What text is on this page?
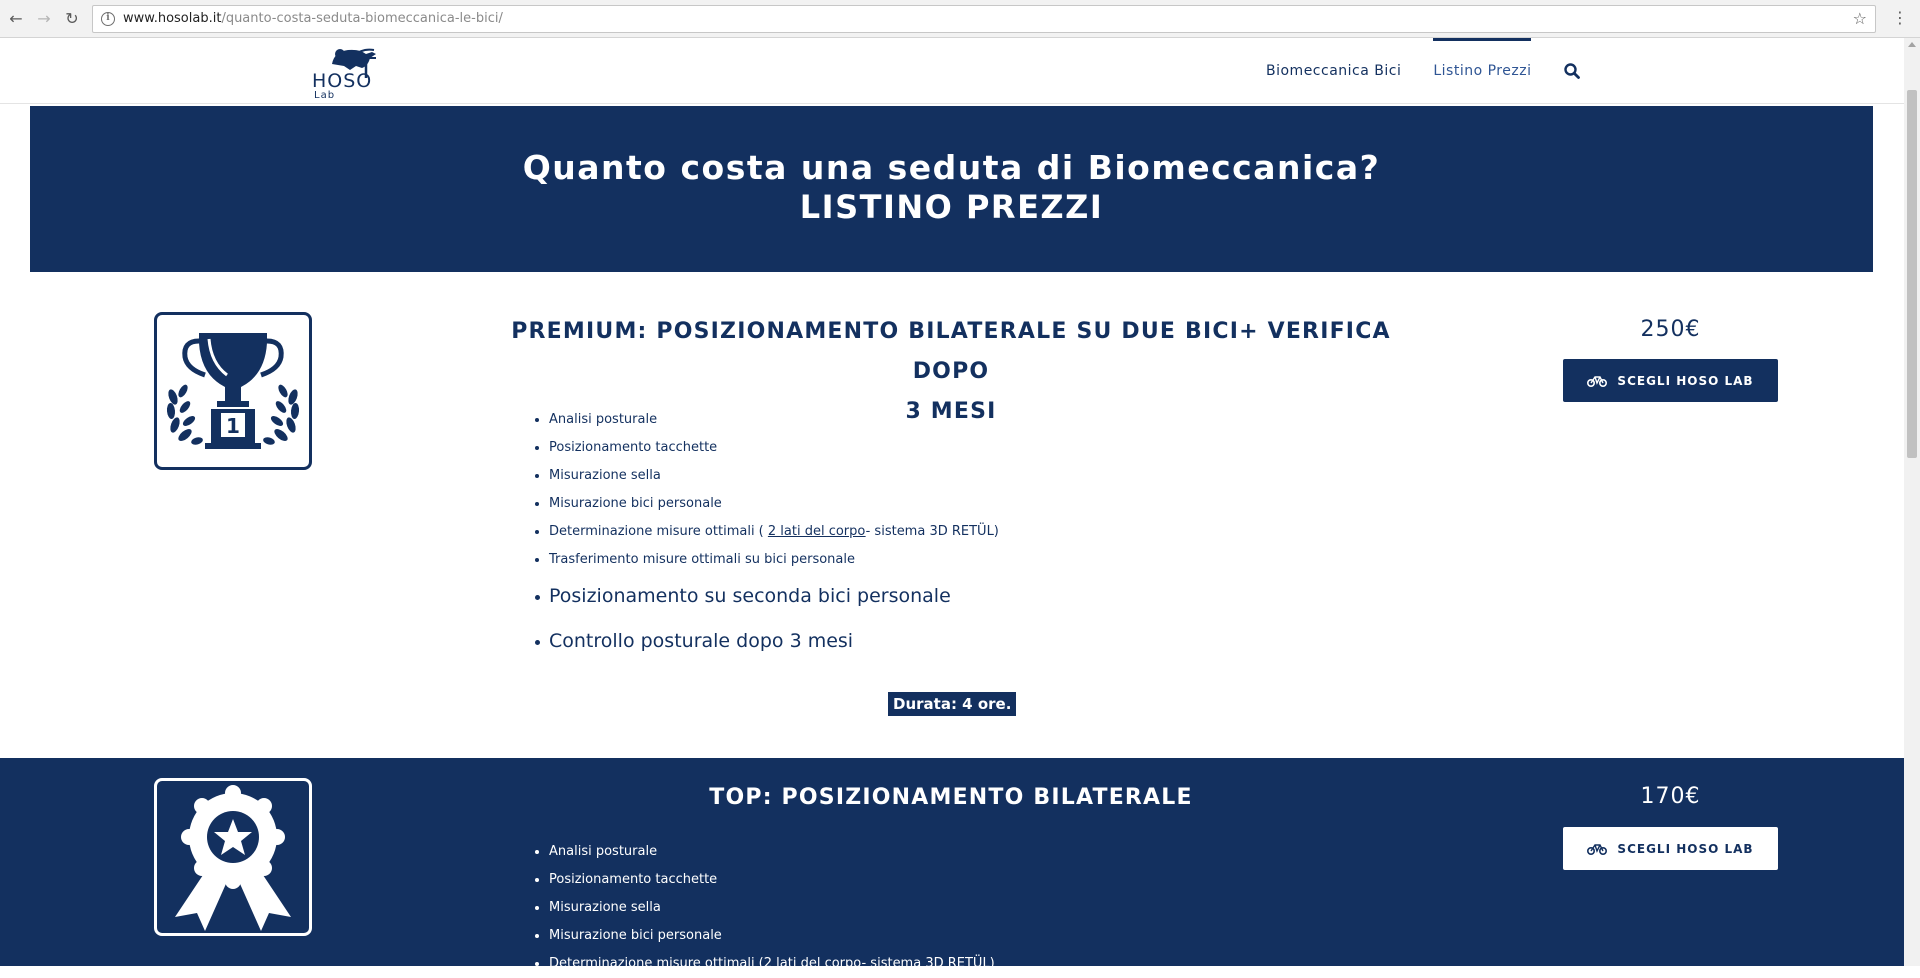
← → ↻	i	www.hosolab.it/quanto-costa-seduta-biomeccanica-le-bici/	☆ ⋮
HOSO
Lab
Biomeccanica Bici Listino Prezzi
Quanto costa una seduta di Biomeccanica?
LISTINO PREZZI
1
PREMIUM: POSIZIONAMENTO BILATERALE SU DUE BICI+ VERIFICA DOPO
3 MESI
Analisi posturale
Posizionamento tacchette
Misurazione sella
Misurazione bici personale
Determinazione misure ottimali ( 2 lati del corpo- sistema 3D RETÜL)
Trasferimento misure ottimali su bici personale
Posizionamento su seconda bici personale
Controllo posturale dopo 3 mesi
Durata: 4 ore.
250€
SCEGLI HOSO LAB
TOP: POSIZIONAMENTO BILATERALE
Analisi posturale
Posizionamento tacchette
Misurazione sella
Misurazione bici personale
Determinazione misure ottimali (2 lati del corpo- sistema 3D RETÜL)
170€
SCEGLI HOSO LAB
